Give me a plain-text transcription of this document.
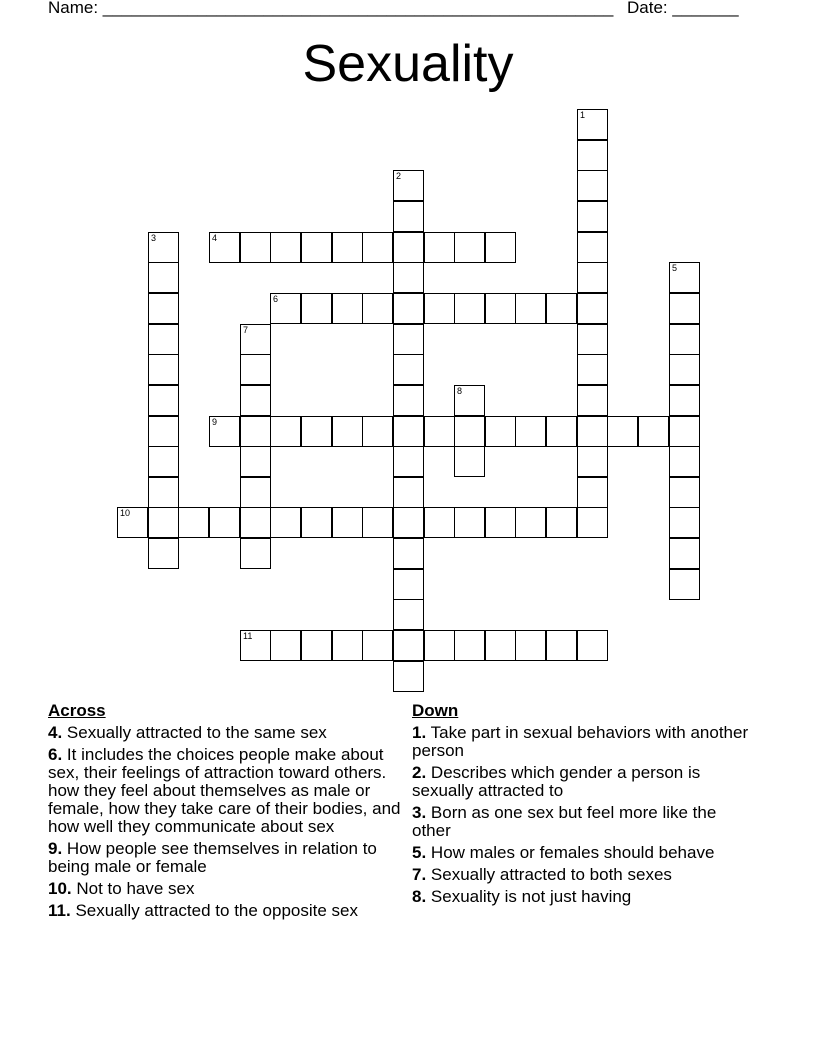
Name: ______________________________________________________ Date: _______
Sexuality
1
2
3	4
5
6
7
8
9
10
11
Across
4. Sexually attracted to the same sex
6. It includes the choices people make about sex, their feelings of attraction toward others. how they feel about themselves as male or female, how they take care of their bodies, and how well they communicate about sex
9. How people see themselves in relation to being male or female
10. Not to have sex
11. Sexually attracted to the opposite sex
Down
1. Take part in sexual behaviors with another person
2. Describes which gender a person is sexually attracted to
3. Born as one sex but feel more like the other
5. How males or females should behave
7. Sexually attracted to both sexes
8. Sexuality is not just having
